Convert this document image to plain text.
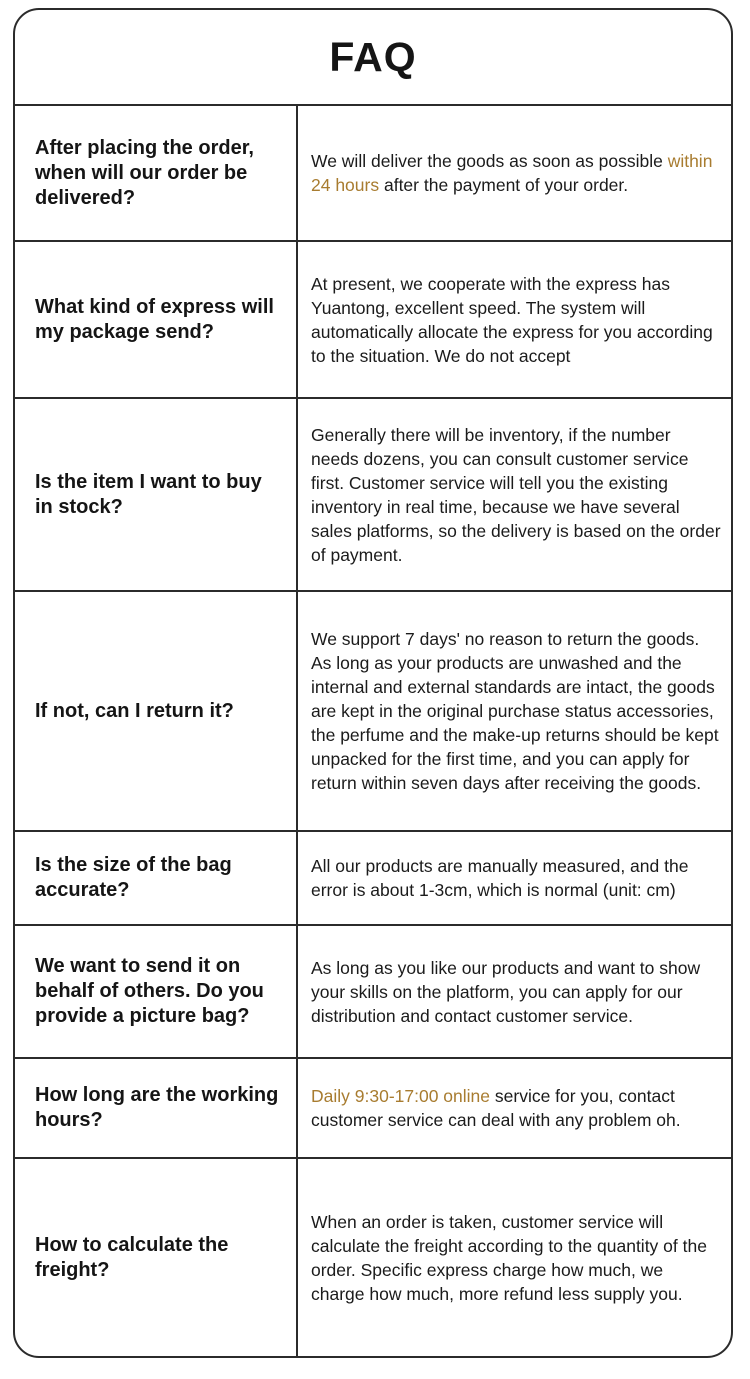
FAQ

After placing the order, when will our order be delivered?

We will deliver the goods as soon as possible within 24 hours after the payment of your order.

What kind of express will my package send?

At present, we cooperate with the express has Yuantong, excellent speed. The system will automatically allocate the express for you according to the situation. We do not accept

Is the item I want to buy in stock?

Generally there will be inventory, if the number needs dozens, you can consult customer service first. Customer service will tell you the existing inventory in real time, because we have several sales platforms, so the delivery is based on the order of payment.

If not, can I return it?

We support 7 days' no reason to return the goods. As long as your products are unwashed and the internal and external standards are intact, the goods are kept in the original purchase status accessories, the perfume and the make-up returns should be kept unpacked for the first time, and you can apply for return within seven days after receiving the goods.

Is the size of the bag accurate?

All our products are manually measured, and the error is about 1-3cm, which is normal (unit: cm)

We want to send it on behalf of others. Do you provide a picture bag?

As long as you like our products and want to show your skills on the platform, you can apply for our distribution and contact customer service.

How long are the working hours?

Daily 9:30-17:00 online service for you, contact customer service can deal with any problem oh.

How to calculate the freight?

When an order is taken, customer service will calculate the freight according to the quantity of the order. Specific express charge how much, we charge how much, more refund less supply you.
